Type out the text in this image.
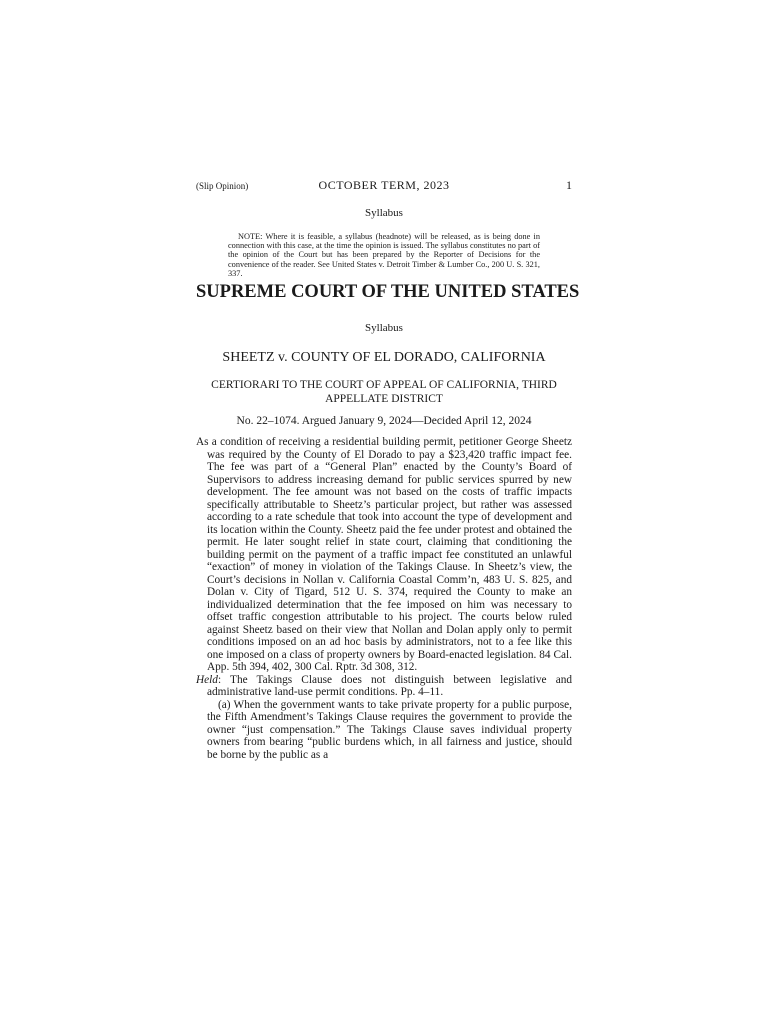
(Slip Opinion)	OCTOBER TERM, 2023	1
Syllabus
NOTE: Where it is feasible, a syllabus (headnote) will be released, as is being done in connection with this case, at the time the opinion is issued. The syllabus constitutes no part of the opinion of the Court but has been prepared by the Reporter of Decisions for the convenience of the reader. See United States v. Detroit Timber & Lumber Co., 200 U. S. 321, 337.
SUPREME COURT OF THE UNITED STATES
Syllabus
SHEETZ v. COUNTY OF EL DORADO, CALIFORNIA
CERTIORARI TO THE COURT OF APPEAL OF CALIFORNIA, THIRD APPELLATE DISTRICT
No. 22–1074. Argued January 9, 2024—Decided April 12, 2024

As a condition of receiving a residential building permit, petitioner George Sheetz was required by the County of El Dorado to pay a $23,420 traffic impact fee. The fee was part of a “General Plan” enacted by the County’s Board of Supervisors to address increasing demand for public services spurred by new development. The fee amount was not based on the costs of traffic impacts specifically attributable to Sheetz’s particular project, but rather was assessed according to a rate schedule that took into account the type of development and its location within the County. Sheetz paid the fee under protest and obtained the permit. He later sought relief in state court, claiming that conditioning the building permit on the payment of a traffic impact fee constituted an unlawful “exaction” of money in violation of the Takings Clause. In Sheetz’s view, the Court’s decisions in Nollan v. California Coastal Comm’n, 483 U. S. 825, and Dolan v. City of Tigard, 512 U. S. 374, required the County to make an individualized determination that the fee imposed on him was necessary to offset traffic congestion attributable to his project. The courts below ruled against Sheetz based on their view that Nollan and Dolan apply only to permit conditions imposed on an ad hoc basis by administrators, not to a fee like this one imposed on a class of property owners by Board-enacted legislation. 84 Cal. App. 5th 394, 402, 300 Cal. Rptr. 3d 308, 312.

Held: The Takings Clause does not distinguish between legislative and administrative land-use permit conditions. Pp. 4–11.

(a) When the government wants to take private property for a public purpose, the Fifth Amendment’s Takings Clause requires the government to provide the owner “just compensation.” The Takings Clause saves individual property owners from bearing “public burdens which, in all fairness and justice, should be borne by the public as a
